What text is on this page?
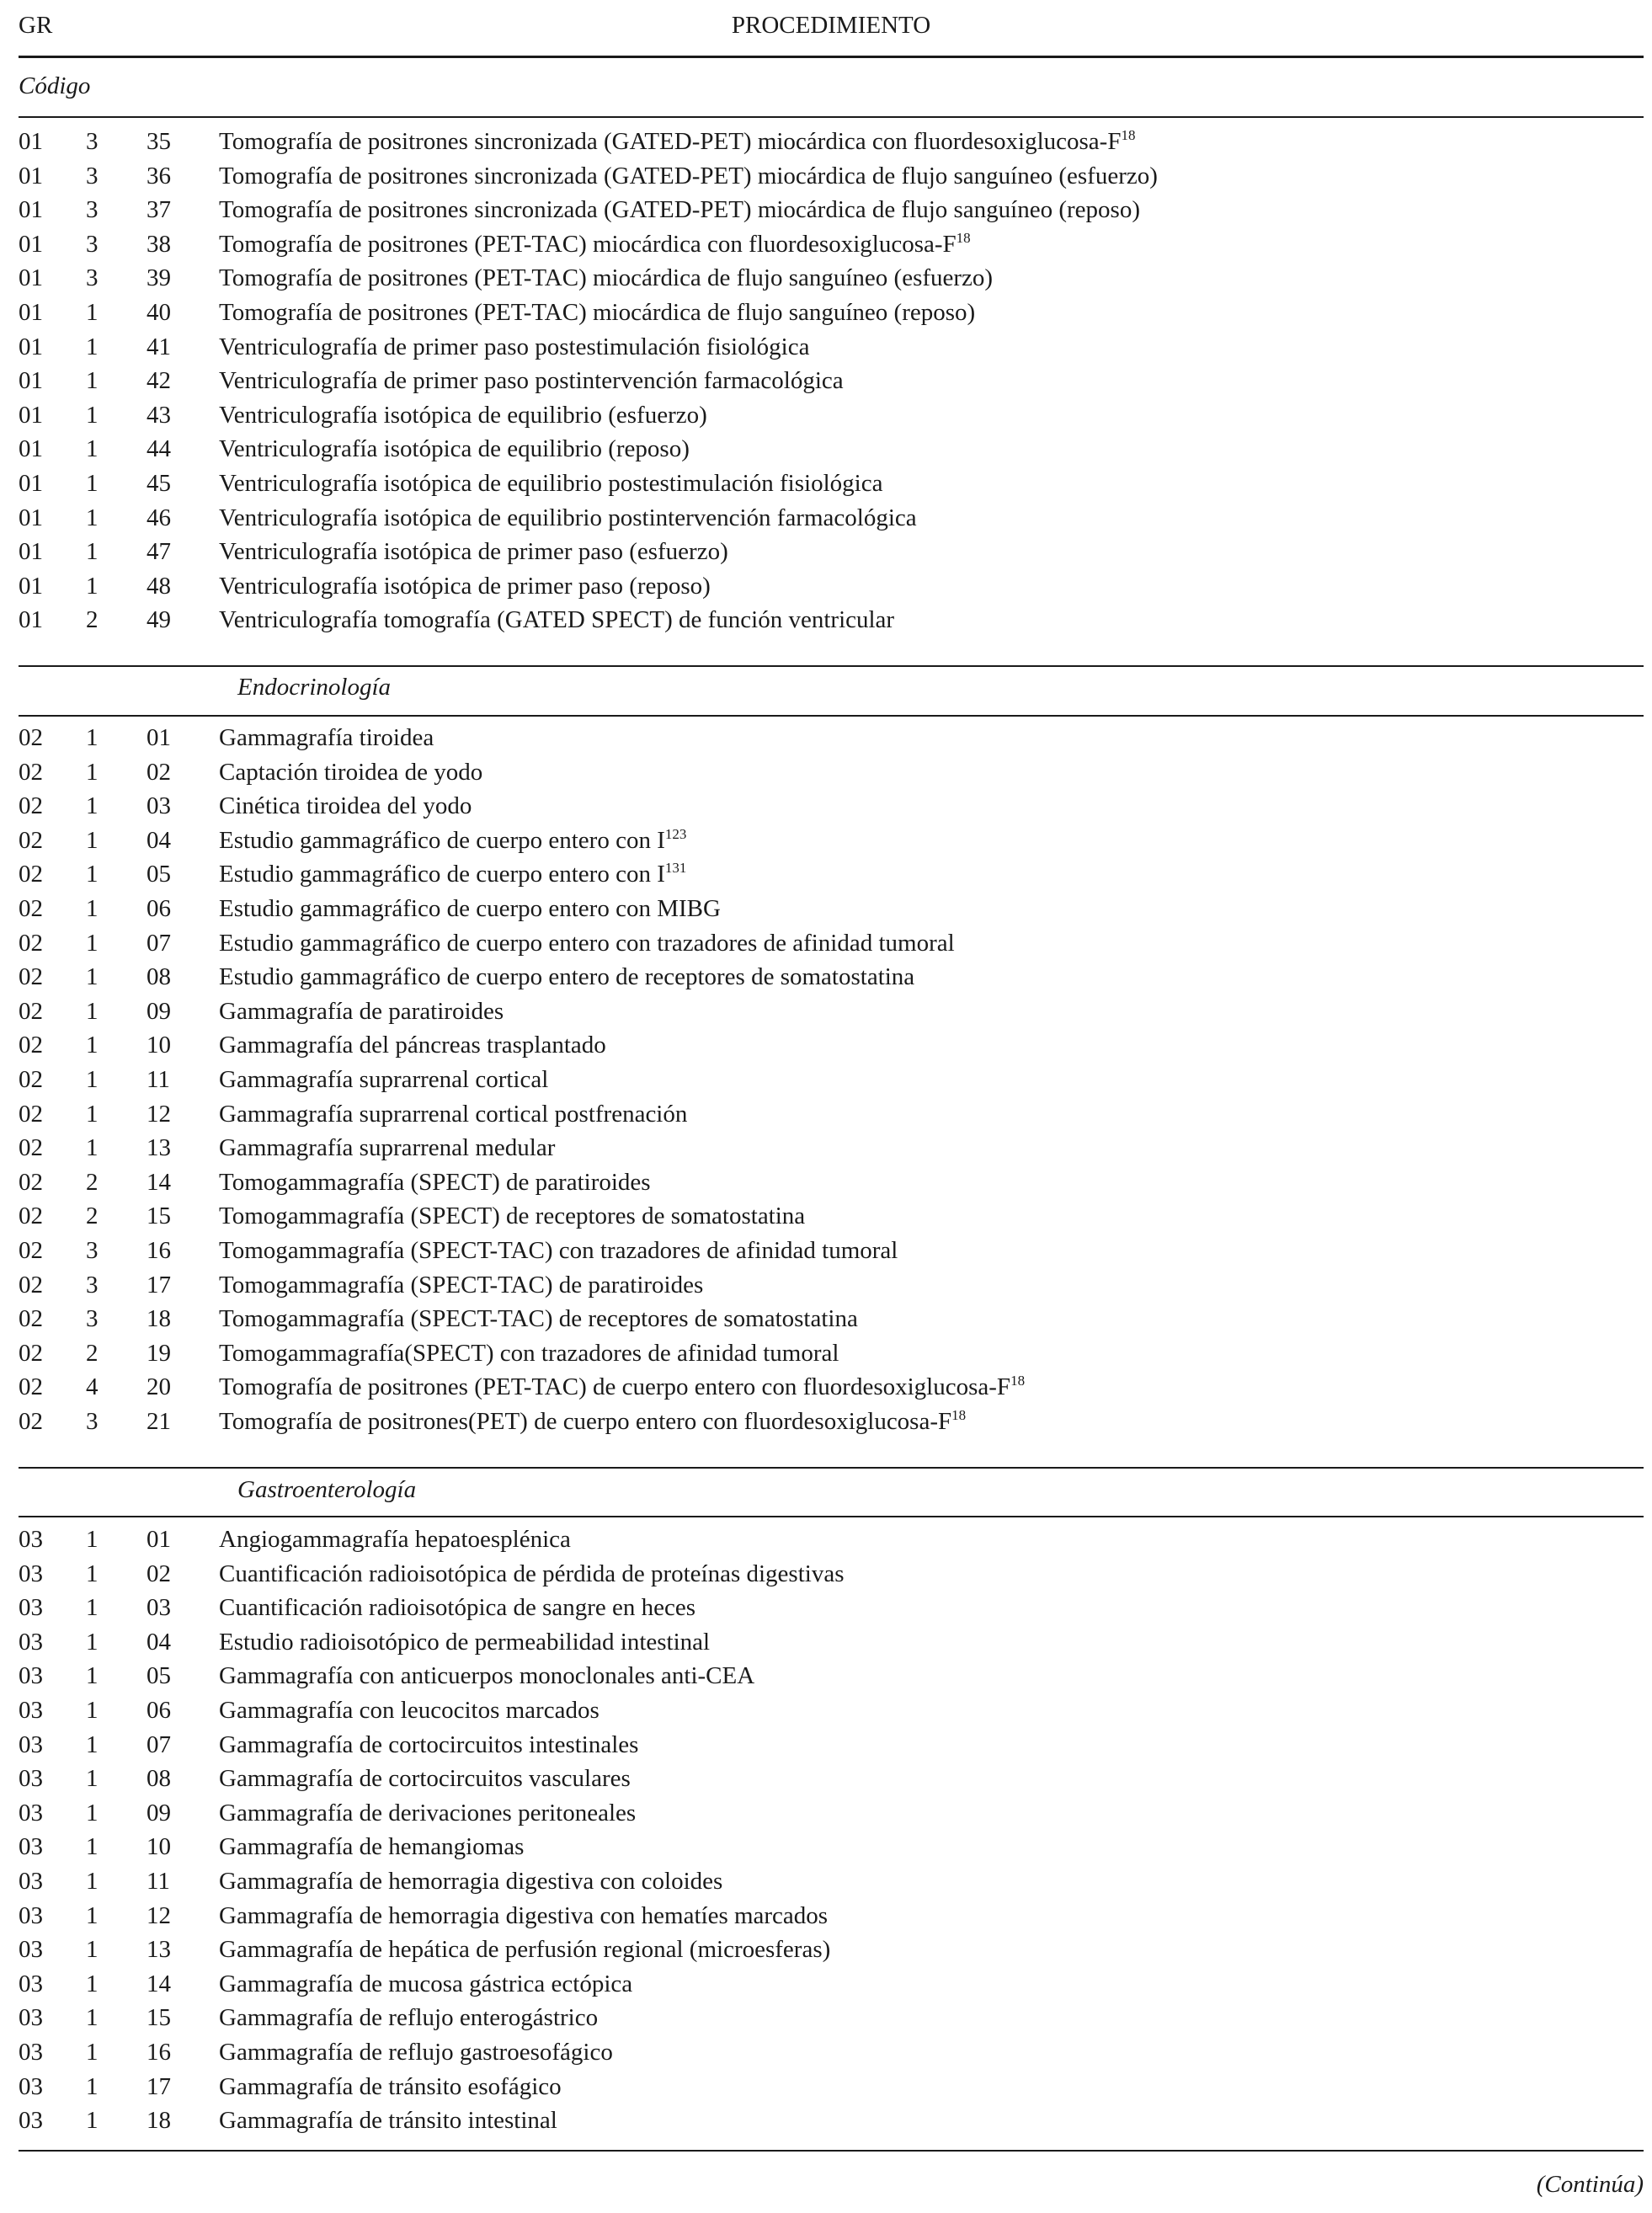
GR	PROCEDIMIENTO
Código
01 3 35 Tomografía de positrones sincronizada (GATED-PET) miocárdica con fluordesoxiglucosa-$F^{18}$
01 3 36 Tomografía de positrones sincronizada (GATED-PET) miocárdica de flujo sanguíneo (esfuerzo)
01 3 37 Tomografía de positrones sincronizada (GATED-PET) miocárdica de flujo sanguíneo (reposo)
01 3 38 Tomografía de positrones (PET-TAC) miocárdica con fluordesoxiglucosa-$F^{18}$
01 3 39 Tomografía de positrones (PET-TAC) miocárdica de flujo sanguíneo (esfuerzo)
01 1 40 Tomografía de positrones (PET-TAC) miocárdica de flujo sanguíneo (reposo)
01 1 41 Ventriculografía de primer paso postestimulación fisiológica
01 1 42 Ventriculografía de primer paso postintervención farmacológica
01 1 43 Ventriculografía isotópica de equilibrio (esfuerzo)
01 1 44 Ventriculografía isotópica de equilibrio (reposo)
01 1 45 Ventriculografía isotópica de equilibrio postestimulación fisiológica
01 1 46 Ventriculografía isotópica de equilibrio postintervención farmacológica
01 1 47 Ventriculografía isotópica de primer paso (esfuerzo)
01 1 48 Ventriculografía isotópica de primer paso (reposo)
01 2 49 Ventriculografía tomografía (GATED SPECT) de función ventricular
Endocrinología
02 1 01 Gammagrafía tiroidea
02 1 02 Captación tiroidea de yodo
02 1 03 Cinética tiroidea del yodo
02 1 04 Estudio gammagráfico de cuerpo entero con $I^{123}$
02 1 05 Estudio gammagráfico de cuerpo entero con $I^{131}$
02 1 06 Estudio gammagráfico de cuerpo entero con MIBG
02 1 07 Estudio gammagráfico de cuerpo entero con trazadores de afinidad tumoral
02 1 08 Estudio gammagráfico de cuerpo entero de receptores de somatostatina
02 1 09 Gammagrafía de paratiroides
02 1 10 Gammagrafía del páncreas trasplantado
02 1 11 Gammagrafía suprarrenal cortical
02 1 12 Gammagrafía suprarrenal cortical postfrenación
02 1 13 Gammagrafía suprarrenal medular
02 2 14 Tomogammagrafía (SPECT) de paratiroides
02 2 15 Tomogammagrafía (SPECT) de receptores de somatostatina
02 3 16 Tomogammagrafía (SPECT-TAC) con trazadores de afinidad tumoral
02 3 17 Tomogammagrafía (SPECT-TAC) de paratiroides
02 3 18 Tomogammagrafía (SPECT-TAC) de receptores de somatostatina
02 2 19 Tomogammagrafía(SPECT) con trazadores de afinidad tumoral
02 4 20 Tomografía de positrones (PET-TAC) de cuerpo entero con fluordesoxiglucosa-$F^{18}$
02 3 21 Tomografía de positrones(PET) de cuerpo entero con fluordesoxiglucosa-$F^{18}$
Gastroenterología
03 1 01 Angiogammagrafía hepatoesplénica
03 1 02 Cuantificación radioisotópica de pérdida de proteínas digestivas
03 1 03 Cuantificación radioisotópica de sangre en heces
03 1 04 Estudio radioisotópico de permeabilidad intestinal
03 1 05 Gammagrafía con anticuerpos monoclonales anti-CEA
03 1 06 Gammagrafía con leucocitos marcados
03 1 07 Gammagrafía de cortocircuitos intestinales
03 1 08 Gammagrafía de cortocircuitos vasculares
03 1 09 Gammagrafía de derivaciones peritoneales
03 1 10 Gammagrafía de hemangiomas
03 1 11 Gammagrafía de hemorragia digestiva con coloides
03 1 12 Gammagrafía de hemorragia digestiva con hematíes marcados
03 1 13 Gammagrafía de hepática de perfusión regional (microesferas)
03 1 14 Gammagrafía de mucosa gástrica ectópica
03 1 15 Gammagrafía de reflujo enterogástrico
03 1 16 Gammagrafía de reflujo gastroesofágico
03 1 17 Gammagrafía de tránsito esofágico
03 1 18 Gammagrafía de tránsito intestinal
(Continúa)
